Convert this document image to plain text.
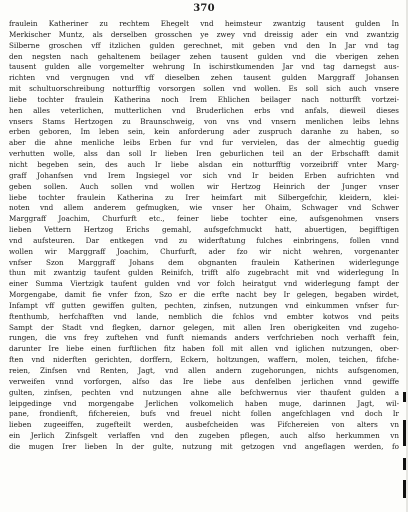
370
fraulein Katheriner zu rechtem Ehegelt vnd heimsteur zwantzig tausent gulden In
Merkischer Muntz, als derselben grosschen ye zwey vnd dreissig ader ein vnd zwantzig
Silberne groschen vff itzlichen gulden gerechnet, mit geben vnd den In Jar vnd tag
den negsten nach gehaltenem beilager zehen tausent gulden vnd die vberigen zehen
tausent gulden alle vorgemelter wehrung In ischirstkumenden Jar vnd tag darnegst aus-
richten vnd vergnugen vnd vff dieselben zehen tausent gulden Marggraff Johansen
mit schultuorschreibung notturfftig vorsorgen sollen vnd wollen. Es soll sich auch vnsere
liebe tochter fraulein Katherina noch Irem Ehlichen beilager nach notturfft vortzei-
hen alles veterlichen, mutterlichen vnd Bruderlichen erbs vnd anfals, dieweil dieses
vnsers Stams Hertzogen zu Braunschweig, von vns vnd vnsern menlichen leibs lehns
erben geboren, Im leben sein, kein anforderung ader zuspruch daranhe zu haben, so
aber die ahne menliche leibs Erben fur vnd fur vervielen, das der almechtig guedig
verhutten wolle, alss dan soll Ir lieben Iren geburlichen teil an der Erbschafft damit
nicht begeben sein, des auch Ir liebe alsdan ein notturfftig vorzeibriff vnter Marg-
graff Johanfsen vnd Irem Ingsiegel vor sich vnd Ir beiden Erben aufrichten vnd
geben sollen. Auch sollen vnd wollen wir Hertzog Heinrich der Junger vnser
liebe tochter fraulein Katherina zu Irer heimfart mit Silbergefchir, kleidern, klei-
noten vnd allem anderem gefmugken, wie vnser her Ohaim, Schwager vnd Schwer
Marggraff Joachim, Churfurft etc., feiner liebe tochter eine, aufsgenohmen vnsers
lieben Vettern Hertzog Erichs gemahl, aufsgefchmuckt hatt, abuertigen, begifftigen
vnd aufsteuren. Dar entkegen vnd zu widerftatung fulches einbringens, follen vnnd
wollen wir Marggraff Joachim, Churfurft, ader fzo wir nicht wehren, vorgenanter
vnfser Szon Marggraff Johans dem obgnanten fraulein Katherinen widerlegunge
thun mit zwantzig taufent gulden Reinifch, trifft alfo zugebracht mit vnd widerlegung In
einer Summa Viertzigk taufent gulden vnd vor folch heiratgut vnd widerlegung fampt der
Morgengabe, damit fie vnfer fzon, Szo er die erfte nacht bey Ir gelegen, begaben wirdet,
Infampt vff gutten gewiffen gulten, pechten, zinfsen, nutzungen vnd einkummen vnfser fur-
ftenthumb, herfchafften vnd lande, nemblich die fchlos vnd embter kotwos vnd peits
Sampt der Stadt vnd flegken, darnor gelegen, mit allen Iren oberigkeiten vnd zugeho-
rungen, die vns frey zuftehen vnd funft niemands anders verfchrieben noch verhafft fein,
darunter Ire liebe einen furftlichen fitz haben foll mit allen vnd iglichen nutzungen, ober-
ften vnd niderften gerichten, dorffern, Eckern, holtzungen, waffern, molen, teichen, fifche-
reien, Zinfsen vnd Renten, Jagt, vnd allen andern zugehorungen, nichts aufsgenomen,
verweifen vnnd vorforgen, alfso das Ire liebe aus denfelben jerlichen vnnd gewiffe
gulten, zinfsen, pechten vnd nutzungen ahne alle befchwernus vier thaufent gulden a
leipgedinge vnd morgengabe Jerlichen volkomelich haben muge, darinnen Jagt, wil-
pane, frondienft, fifchereien, bufs vnd freuel nicht follen angefchlagen vnd doch Ir
lieben zugeeiffen, zugefteilt werden, ausbefcheiden was Fifchereien von alters vn
ein Jerlich Zinfsgelt verlaffen vnd den zugeben pflegen, auch alfso herkummen vn
die mugen Irer lieben In der gulte, nutzung mit getzogen vnd angeflagen werden, fo
